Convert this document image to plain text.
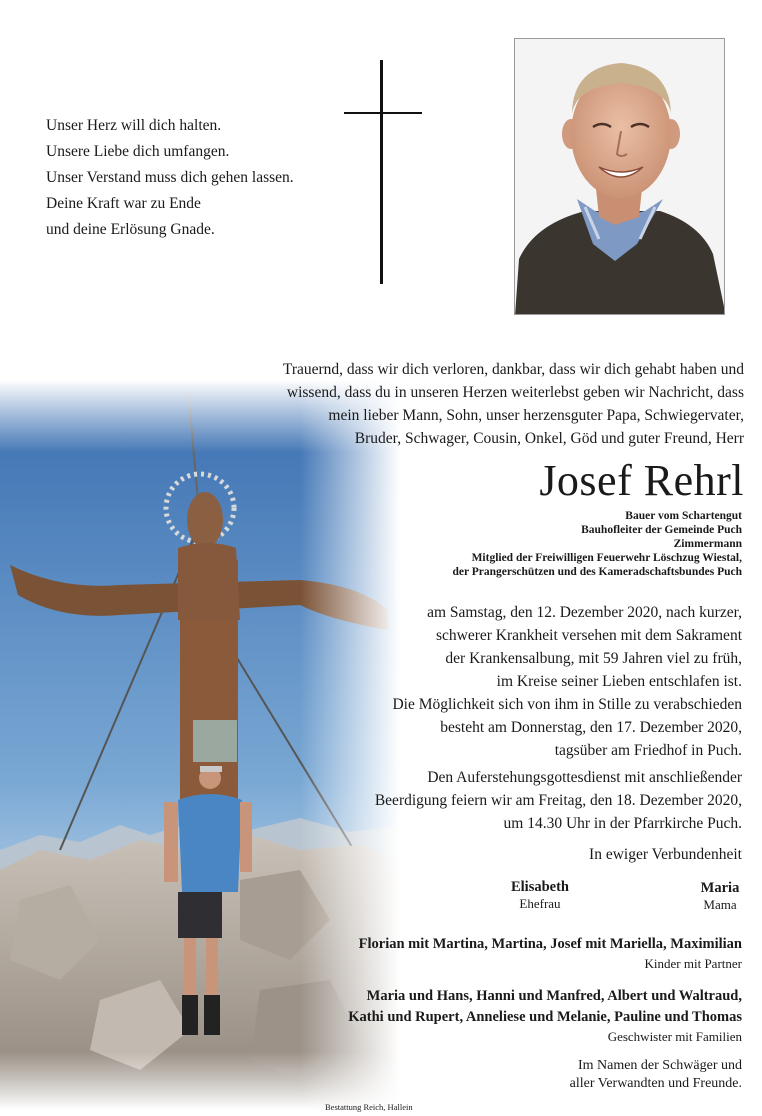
Unser Herz will dich halten.
Unsere Liebe dich umfangen.
Unser Verstand muss dich gehen lassen.
Deine Kraft war zu Ende
und deine Erlösung Gnade.
Trauernd, dass wir dich verloren, dankbar, dass wir dich gehabt haben und
wissend, dass du in unseren Herzen weiterlebst geben wir Nachricht, dass
mein lieber Mann, Sohn, unser herzensguter Papa, Schwiegervater,
Bruder, Schwager, Cousin, Onkel, Göd und guter Freund, Herr
Josef Rehrl
Bauer vom Schartengut
Bauhofleiter der Gemeinde Puch
Zimmermann
Mitglied der Freiwilligen Feuerwehr Löschzug Wiestal,
der Prangerschützen und des Kameradschaftsbundes Puch
am Samstag, den 12. Dezember 2020, nach kurzer,
schwerer Krankheit versehen mit dem Sakrament
der Krankensalbung, mit 59 Jahren viel zu früh,
im Kreise seiner Lieben entschlafen ist.
Die Möglichkeit sich von ihm in Stille zu verabschieden
besteht am Donnerstag, den 17. Dezember 2020,
tagsüber am Friedhof in Puch.
Den Auferstehungsgottesdienst mit anschließender
Beerdigung feiern wir am Freitag, den 18. Dezember 2020,
um 14.30 Uhr in der Pfarrkirche Puch.
In ewiger Verbundenheit
Elisabeth
Ehefrau
Maria
Mama
Florian mit Martina, Martina, Josef mit Mariella, Maximilian
Kinder mit Partner
Maria und Hans, Hanni und Manfred, Albert und Waltraud,
Kathi und Rupert, Anneliese und Melanie, Pauline und Thomas
Geschwister mit Familien
Im Namen der Schwäger und
aller Verwandten und Freunde.
Bestattung Reich, Hallein
